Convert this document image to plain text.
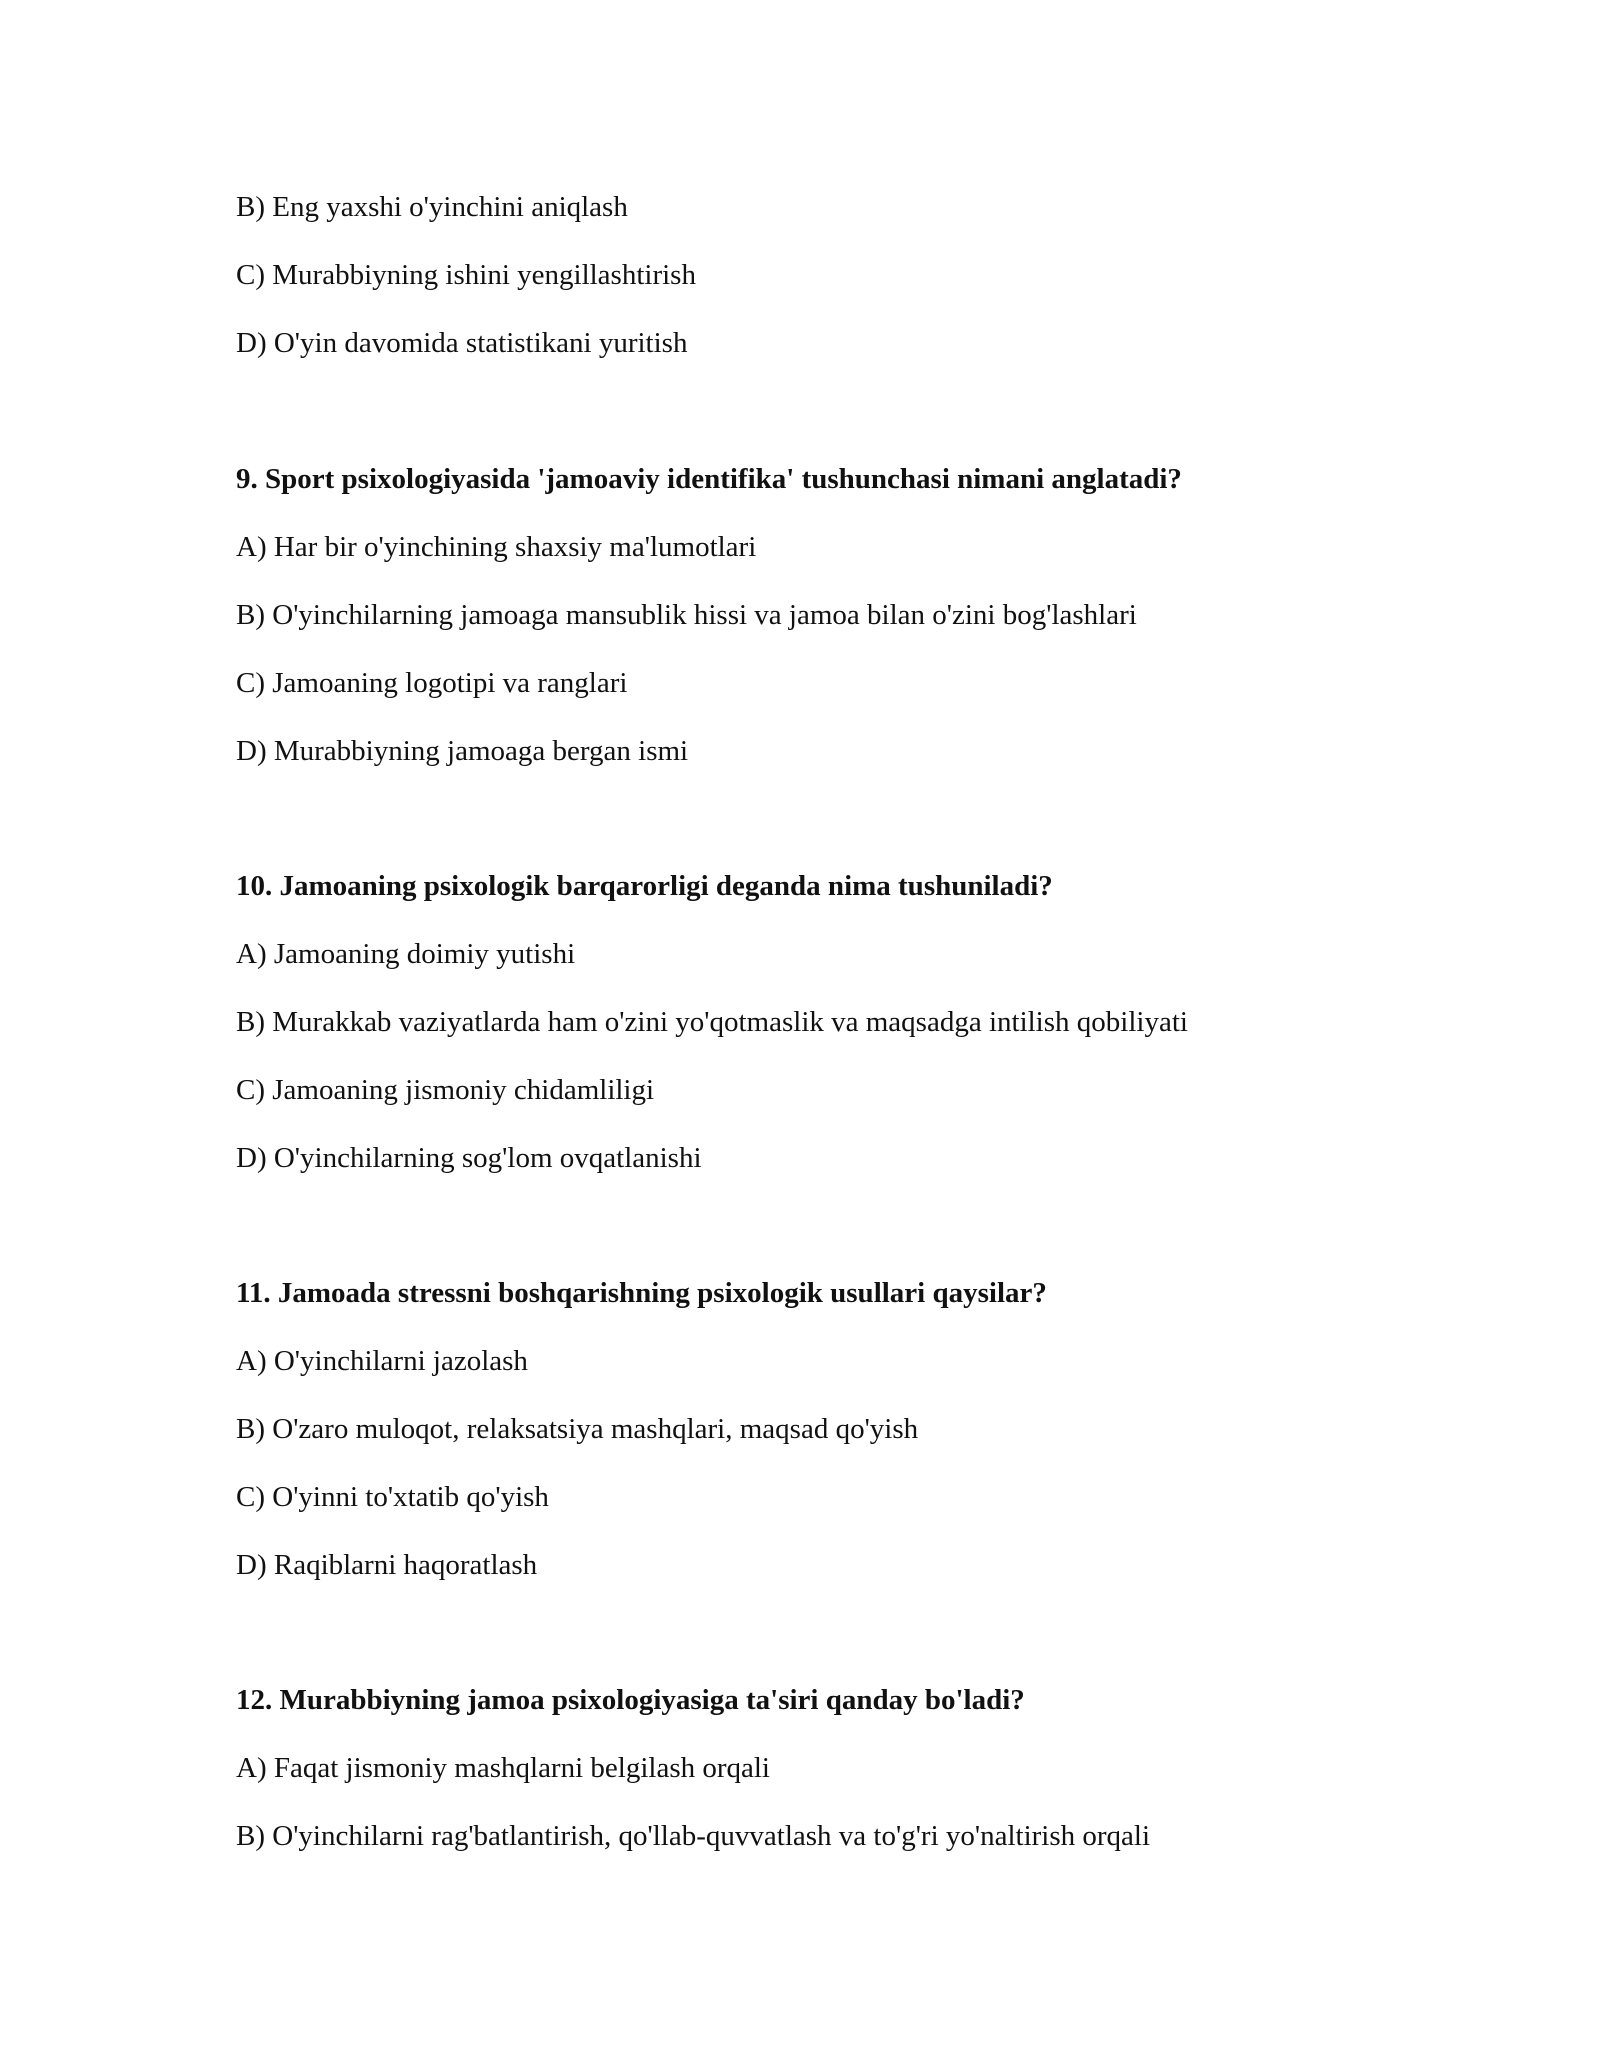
B) Eng yaxshi o'yinchini aniqlash
C) Murabbiyning ishini yengillashtirish
D) O'yin davomida statistikani yuritish
9. Sport psixologiyasida 'jamoaviy identifika' tushunchasi nimani anglatadi?
A) Har bir o'yinchining shaxsiy ma'lumotlari
B) O'yinchilarning jamoaga mansublik hissi va jamoa bilan o'zini bog'lashlari
C) Jamoaning logotipi va ranglari
D) Murabbiyning jamoaga bergan ismi
10. Jamoaning psixologik barqarorligi deganda nima tushuniladi?
A) Jamoaning doimiy yutishi
B) Murakkab vaziyatlarda ham o'zini yo'qotmaslik va maqsadga intilish qobiliyati
C) Jamoaning jismoniy chidamliligi
D) O'yinchilarning sog'lom ovqatlanishi
11. Jamoada stressni boshqarishning psixologik usullari qaysilar?
A) O'yinchilarni jazolash
B) O'zaro muloqot, relaksatsiya mashqlari, maqsad qo'yish
C) O'yinni to'xtatib qo'yish
D) Raqiblarni haqoratlash
12. Murabbiyning jamoa psixologiyasiga ta'siri qanday bo'ladi?
A) Faqat jismoniy mashqlarni belgilash orqali
B) O'yinchilarni rag'batlantirish, qo'llab-quvvatlash va to'g'ri yo'naltirish orqali
